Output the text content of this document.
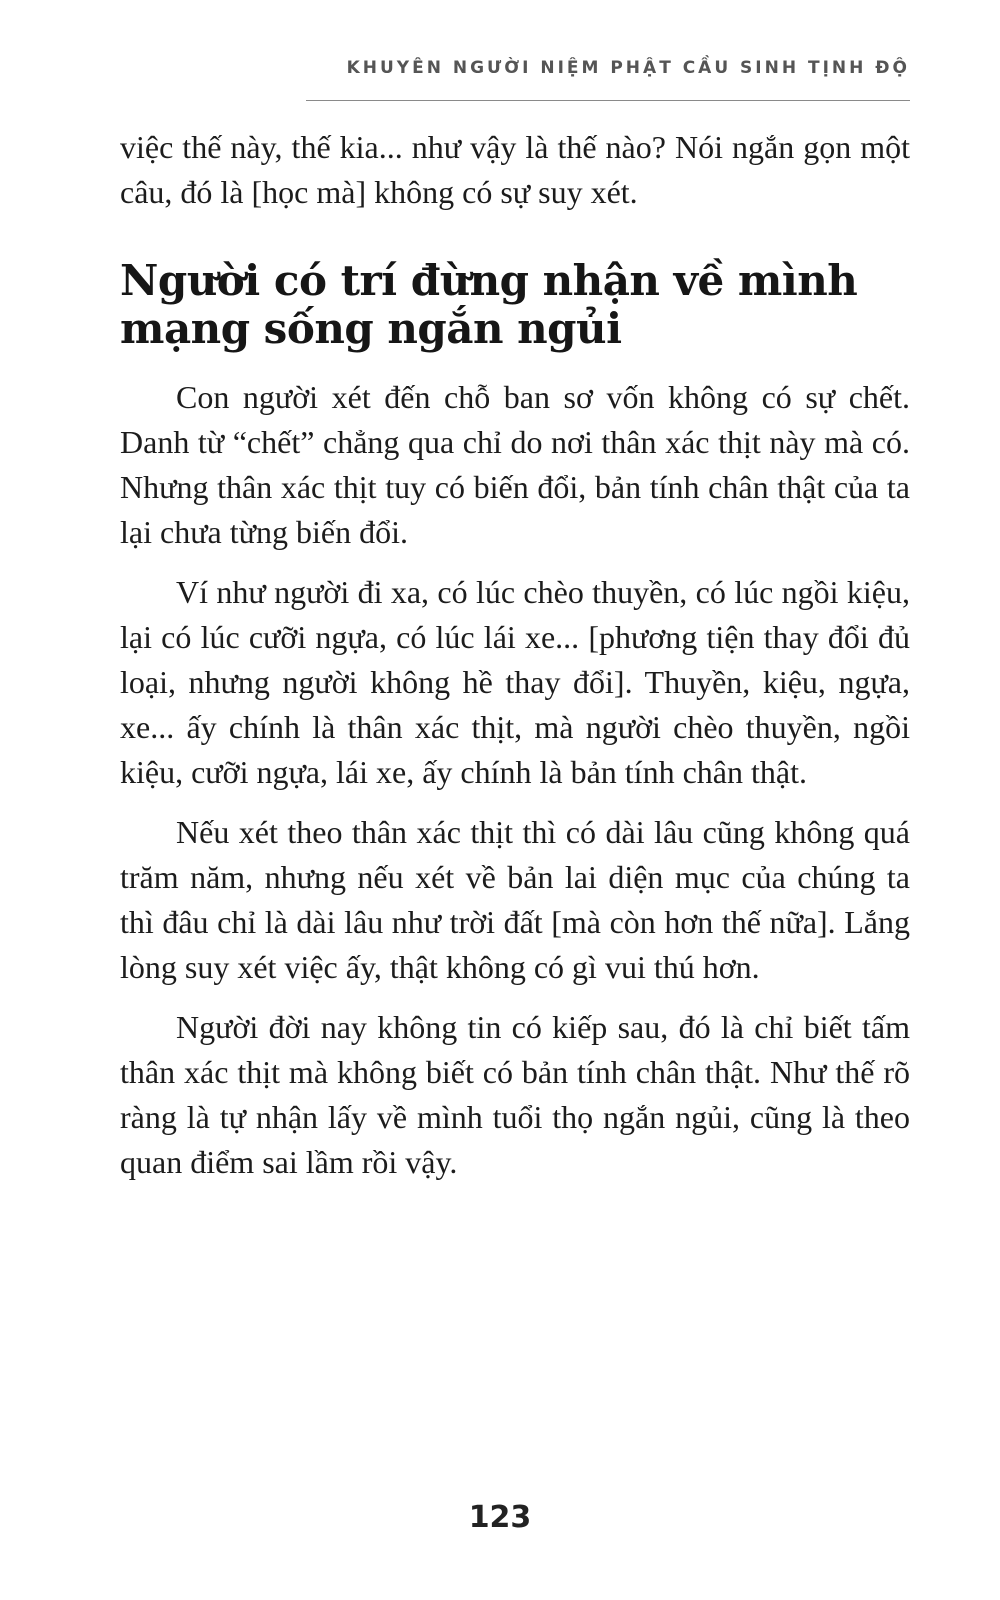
KHUYÊN NGƯỜI NIỆM PHẬT CẦU SINH TỊNH ĐỘ

việc thế này, thế kia... như vậy là thế nào? Nói ngắn gọn một câu, đó là [học mà] không có sự suy xét.

Người có trí đừng nhận về mình mạng sống ngắn ngủi

Con người xét đến chỗ ban sơ vốn không có sự chết. Danh từ “chết” chẳng qua chỉ do nơi thân xác thịt này mà có. Nhưng thân xác thịt tuy có biến đổi, bản tính chân thật của ta lại chưa từng biến đổi.

Ví như người đi xa, có lúc chèo thuyền, có lúc ngồi kiệu, lại có lúc cưỡi ngựa, có lúc lái xe... [phương tiện thay đổi đủ loại, nhưng người không hề thay đổi]. Thuyền, kiệu, ngựa, xe... ấy chính là thân xác thịt, mà người chèo thuyền, ngồi kiệu, cưỡi ngựa, lái xe, ấy chính là bản tính chân thật.

Nếu xét theo thân xác thịt thì có dài lâu cũng không quá trăm năm, nhưng nếu xét về bản lai diện mục của chúng ta thì đâu chỉ là dài lâu như trời đất [mà còn hơn thế nữa]. Lắng lòng suy xét việc ấy, thật không có gì vui thú hơn.

Người đời nay không tin có kiếp sau, đó là chỉ biết tấm thân xác thịt mà không biết có bản tính chân thật. Như thế rõ ràng là tự nhận lấy về mình tuổi thọ ngắn ngủi, cũng là theo quan điểm sai lầm rồi vậy.

123
